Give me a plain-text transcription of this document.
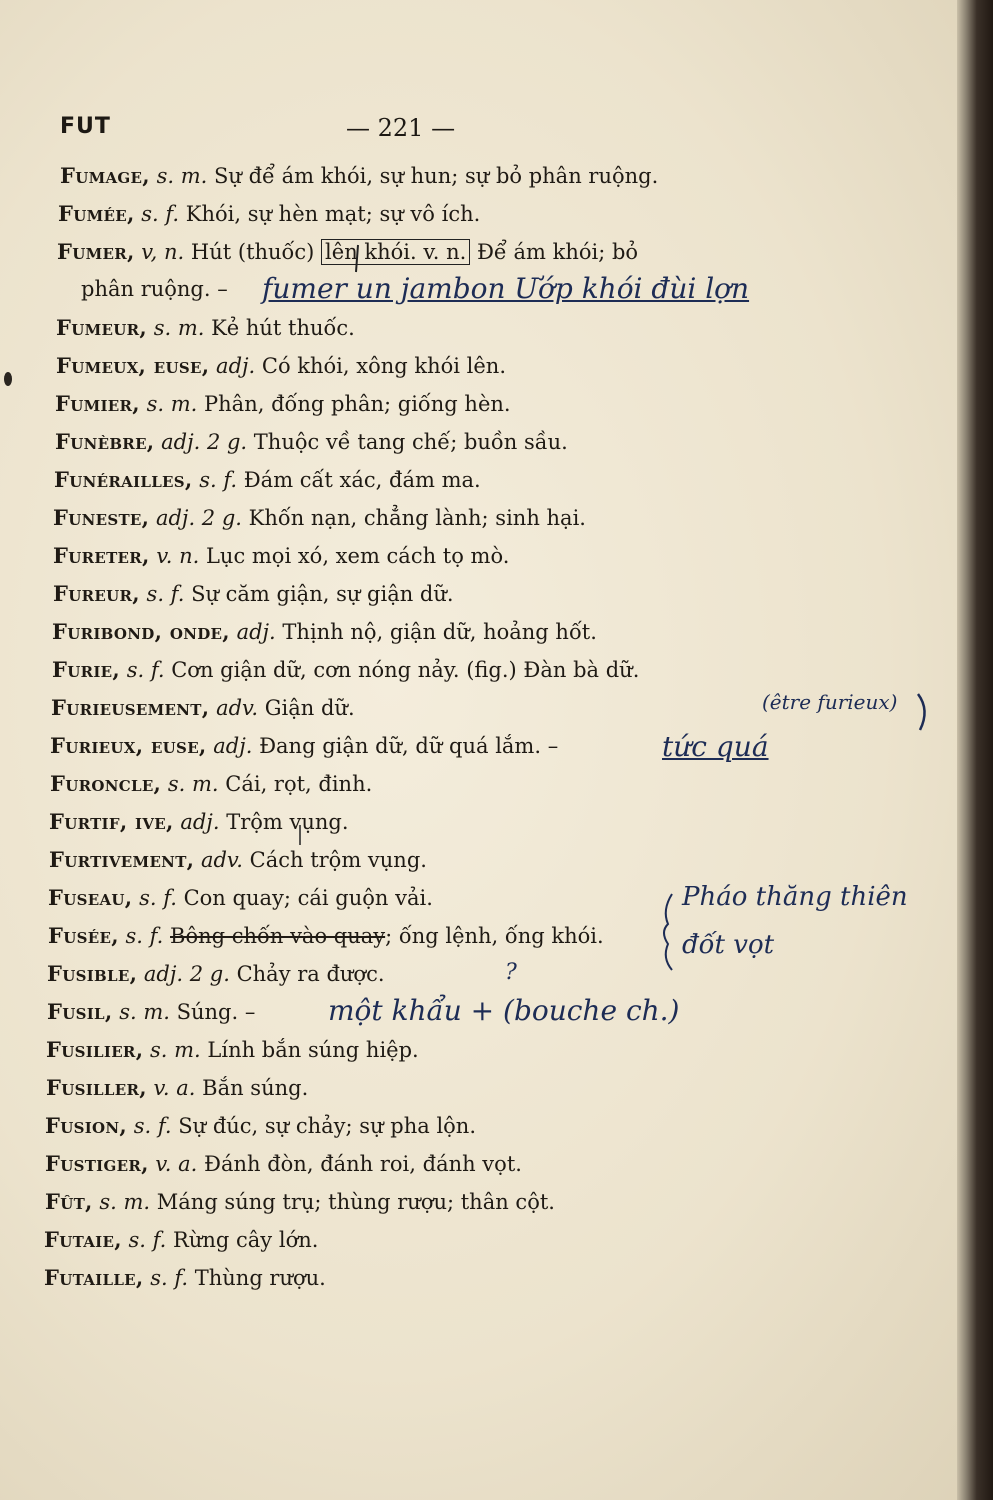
FUT	— 221 —
Fumage, s. m. Sự để ám khói, sự hun; sự bỏ phân ruộng.
Fumée, s. f. Khói, sự hèn mạt; sự vô ích.
Fumer, v, n. Hút (thuốc) lên khói. v. n. Để ám khói; bỏ
phân ruộng. –
Fumeur, s. m. Kẻ hút thuốc.
Fumeux, euse, adj. Có khói, xông khói lên.
Fumier, s. m. Phân, đống phân; giống hèn.
Funèbre, adj. 2 g. Thuộc về tang chế; buồn sầu.
Funérailles, s. f. Đám cất xác, đám ma.
Funeste, adj. 2 g. Khốn nạn, chẳng lành; sinh hại.
Fureter, v. n. Lục mọi xó, xem cách tọ mò.
Fureur, s. f. Sự căm giận, sự giận dữ.
Furibond, onde, adj. Thịnh nộ, giận dữ, hoảng hốt.
Furie, s. f. Cơn giận dữ, cơn nóng nảy. (fig.) Đàn bà dữ.
Furieusement, adv. Giận dữ.
Furieux, euse, adj. Đang giận dữ, dữ quá lắm. –
Furoncle, s. m. Cái, rọt, đinh.
Furtif, ive, adj. Trộm vụng.
Furtivement, adv. Cách trộm vụng.
Fuseau, s. f. Con quay; cái guộn vải.
Fusée, s. f. Bông chốn vào quay; ống lệnh, ống khói.
Fusible, adj. 2 g. Chảy ra được.
Fusil, s. m. Súng. –
Fusilier, s. m. Lính bắn súng hiệp.
Fusiller, v. a. Bắn súng.
Fusion, s. f. Sự đúc, sự chảy; sự pha lộn.
Fustiger, v. a. Đánh đòn, đánh roi, đánh vọt.
Fût, s. m. Máng súng trụ; thùng rượu; thân cột.
Futaie, s. f. Rừng cây lớn.
Futaille, s. f. Thùng rượu.
fumer un jambon Ướp khói đùi lợn
(être furieux)
tức quá
Pháo thăng thiên
đốt vọt
?
một khẩu + (bouche ch.)
